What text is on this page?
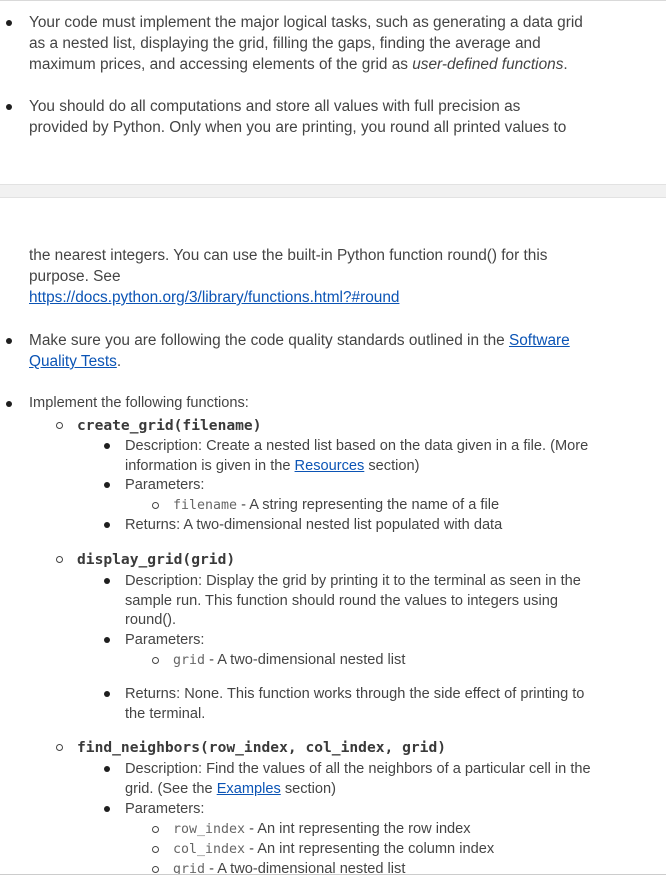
Your code must implement the major logical tasks, such as generating a data grid
as a nested list, displaying the grid, filling the gaps, finding the average and
maximum prices, and accessing elements of the grid as user-defined functions.
You should do all computations and store all values with full precision as
provided by Python. Only when you are printing, you round all printed values to
the nearest integers. You can use the built-in Python function round() for this
purpose. See
https://docs.python.org/3/library/functions.html?#round
Make sure you are following the code quality standards outlined in the Software
Quality Tests.
Implement the following functions:
create_grid(filename)
Description: Create a nested list based on the data given in a file. (More
information is given in the Resources section)
Parameters:
filename - A string representing the name of a file
Returns: A two-dimensional nested list populated with data
display_grid(grid)
Description: Display the grid by printing it to the terminal as seen in the
sample run. This function should round the values to integers using
round().
Parameters:
grid - A two-dimensional nested list
Returns: None. This function works through the side effect of printing to
the terminal.
find_neighbors(row_index, col_index, grid)
Description: Find the values of all the neighbors of a particular cell in the
grid. (See the Examples section)
Parameters:
row_index - An int representing the row index
col_index - An int representing the column index
grid - A two-dimensional nested list
